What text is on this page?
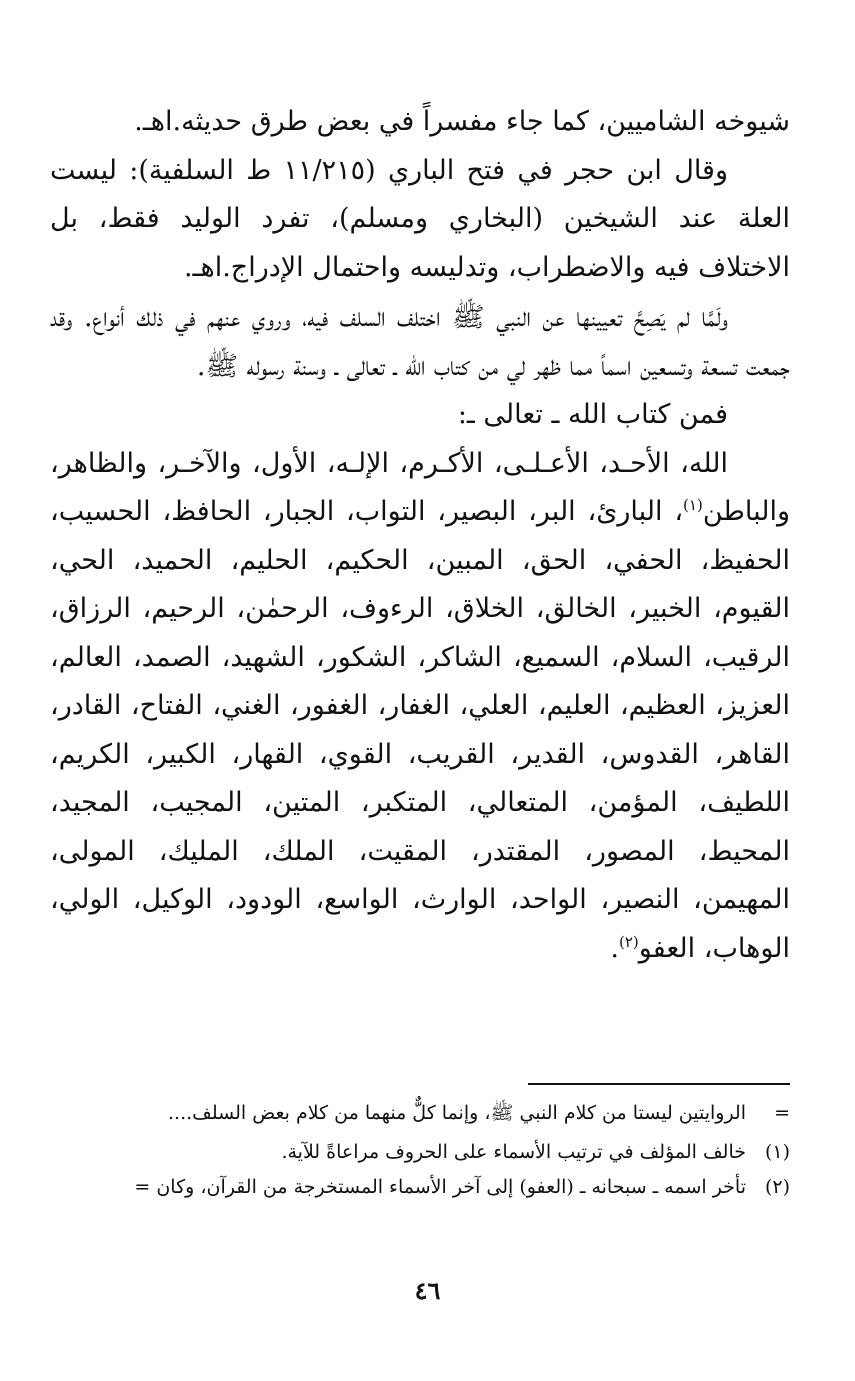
شيوخه الشاميين، كما جاء مفسراً في بعض طرق حديثه.اهـ.

وقال ابن حجر في فتح الباري (١١/٢١٥ ط السلفية): ليست العلة عند الشيخين (البخاري ومسلم)، تفرد الوليد فقط، بل الاختلاف فيه والاضطراب، وتدليسه واحتمال الإدراج.اهـ.

ولَمَّا لم يَصِحَّ تعيينها عن النبي ﷺ اختلف السلف فيه، وروي عنهم في ذلك أنواع. وقد جمعت تسعة وتسعين اسماً مما ظهر لي من كتاب الله ـ تعالى ـ وسنة رسوله ﷺ.

فمن كتاب الله ـ تعالى ـ:

الله، الأحـد، الأعـلـى، الأكـرم، الإلـه، الأول، والآخـر، والظاهر، والباطن$^{(١)}$، البارئ، البر، البصير، التواب، الجبار، الحافظ، الحسيب، الحفيظ، الحفي، الحق، المبين، الحكيم، الحليم، الحميد، الحي، القيوم، الخبير، الخالق، الخلاق، الرءوف، الرحمٰن، الرحيم، الرزاق، الرقيب، السلام، السميع، الشاكر، الشكور، الشهيد، الصمد، العالم، العزيز، العظيم، العليم، العلي، الغفار، الغفور، الغني، الفتاح، القادر، القاهر، القدوس، القدير، القريب، القوي، القهار، الكبير، الكريم، اللطيف، المؤمن، المتعالي، المتكبر، المتين، المجيب، المجيد، المحيط، المصور، المقتدر، المقيت، الملك، المليك، المولى، المهيمن، النصير، الواحد، الوارث، الواسع، الودود، الوكيل، الولي، الوهاب، العفو$^{(٢)}$.

=
الروايتين ليستا من كلام النبي ﷺ، وإنما كلٌّ منهما من كلام بعض السلف....

(١)
خالف المؤلف في ترتيب الأسماء على الحروف مراعاةً للآية.

(٢)
تأخر اسمه ـ سبحانه ـ (العفو) إلى آخر الأسماء المستخرجة من القرآن، وكان =

٤٦
